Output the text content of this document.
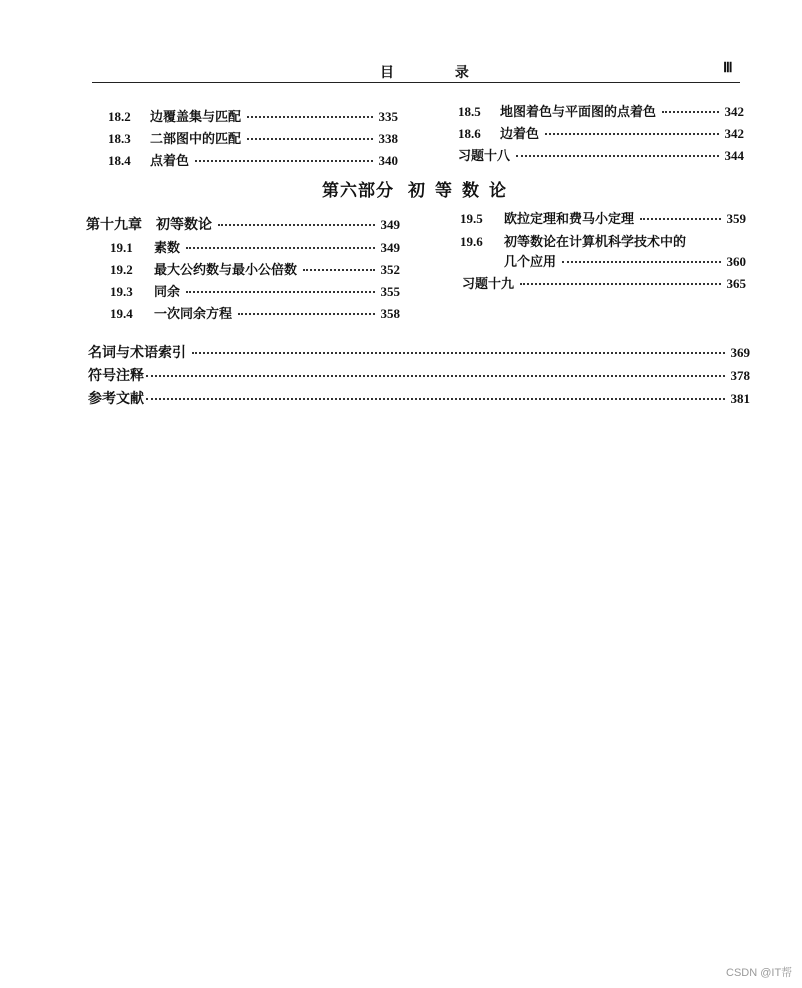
目 录	Ⅲ
18.2	边覆盖集与匹配	335
18.3	二部图中的匹配	338
18.4	点着色	340
18.5	地图着色与平面图的点着色	342
18.6	边着色	342
习题十八	344
第六部分 初等数论
第十九章 初等数论	349
19.1	素数	349
19.2	最大公约数与最小公倍数	352
19.3	同余	355
19.4	一次同余方程	358
19.5	欧拉定理和费马小定理	359
19.6	初等数论在计算机科学技术中的
几个应用	360
习题十九	365
名词与术语索引	369
符号注释	378
参考文献	381
CSDN @IT帮
